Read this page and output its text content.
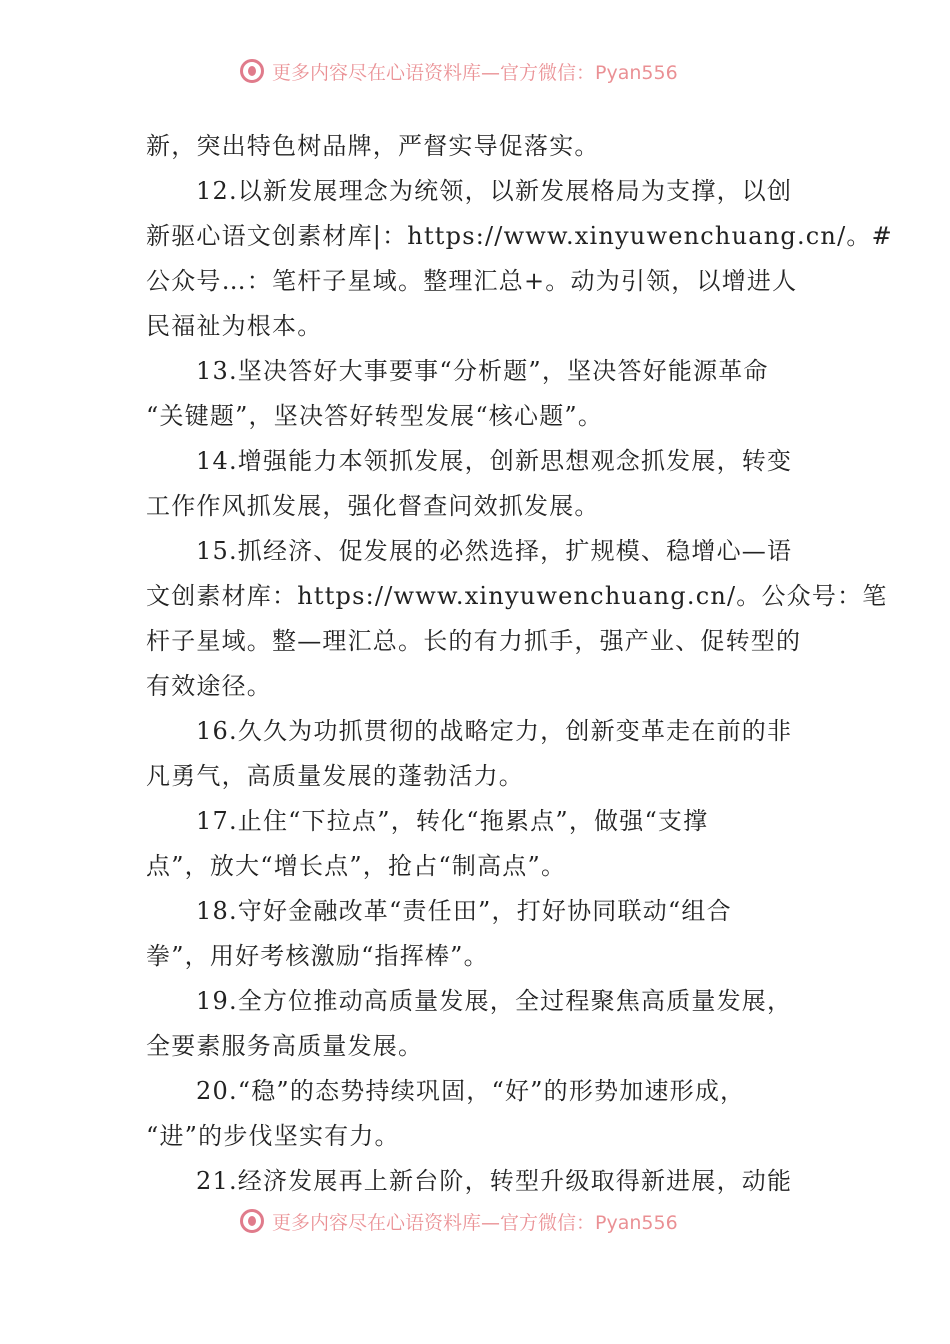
更多内容尽在心语资料库—官方微信：Pyan556
新，突出特色树品牌，严督实导促落实。
12.以新发展理念为统领，以新发展格局为支撑，以创
新驱心语文创素材库|：https://www.xinyuwenchuang.cn/。#
公众号…：笔杆子星域。整理汇总+。动为引领，以增进人
民福祉为根本。
13.坚决答好大事要事“分析题”，坚决答好能源革命
“关键题”，坚决答好转型发展“核心题”。
14.增强能力本领抓发展，创新思想观念抓发展，转变
工作作风抓发展，强化督查问效抓发展。
15.抓经济、促发展的必然选择，扩规模、稳增心—语
文创素材库：https://www.xinyuwenchuang.cn/。公众号：笔
杆子星域。整—理汇总。长的有力抓手，强产业、促转型的
有效途径。
16.久久为功抓贯彻的战略定力，创新变革走在前的非
凡勇气，高质量发展的蓬勃活力。
17.止住“下拉点”，转化“拖累点”，做强“支撑
点”，放大“增长点”，抢占“制高点”。
18.守好金融改革“责任田”，打好协同联动“组合
拳”，用好考核激励“指挥棒”。
19.全方位推动高质量发展，全过程聚焦高质量发展，
全要素服务高质量发展。
20.“稳”的态势持续巩固，“好”的形势加速形成，
“进”的步伐坚实有力。
21.经济发展再上新台阶，转型升级取得新进展，动能
更多内容尽在心语资料库—官方微信：Pyan556
